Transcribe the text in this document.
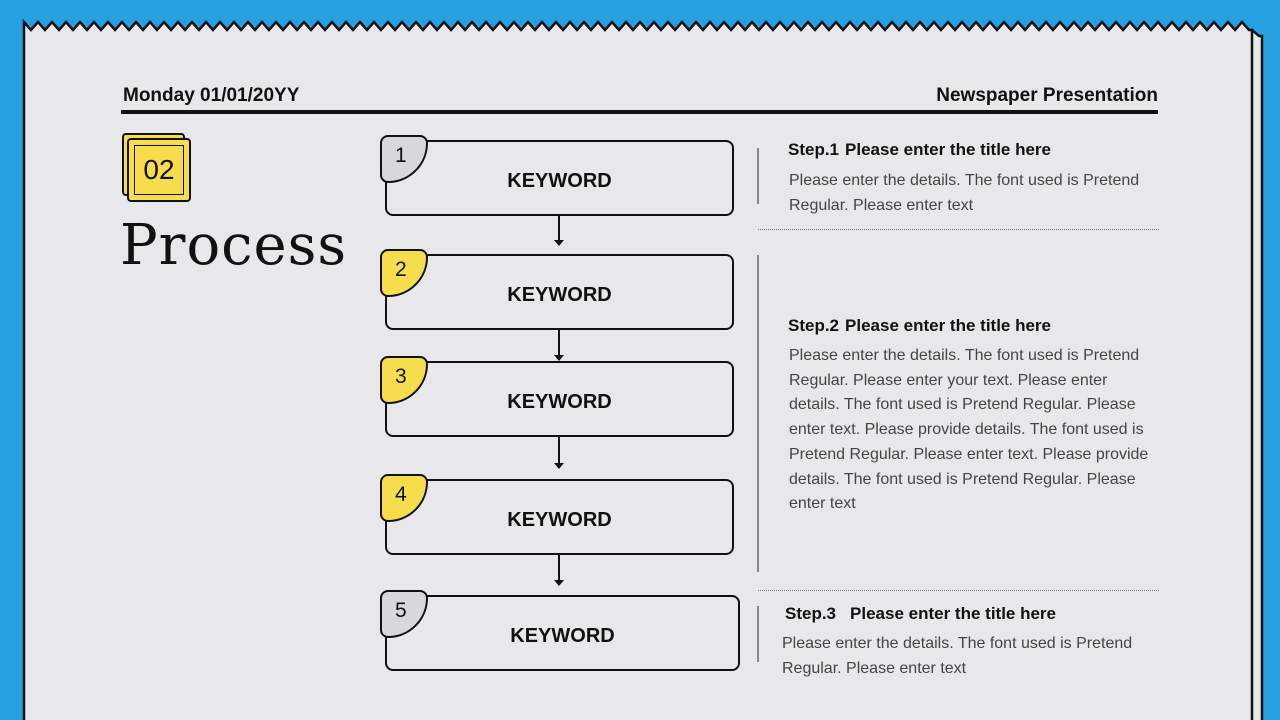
Monday 01/01/20YY	Newspaper Presentation
02
Process
KEYWORD
1
KEYWORD
2
KEYWORD
3
KEYWORD
4
KEYWORD
5
Step.1 Please enter the title here
Please enter the details. The font used is Pretend Regular. Please enter text
Step.2 Please enter the title here
Please enter the details. The font used is Pretend Regular. Please enter your text. Please enter details. The font used is Pretend Regular. Please enter text. Please provide details. The font used is Pretend Regular. Please enter text. Please provide details. The font used is Pretend Regular. Please enter text
Step.3 Please enter the title here
Please enter the details. The font used is Pretend Regular. Please enter text
